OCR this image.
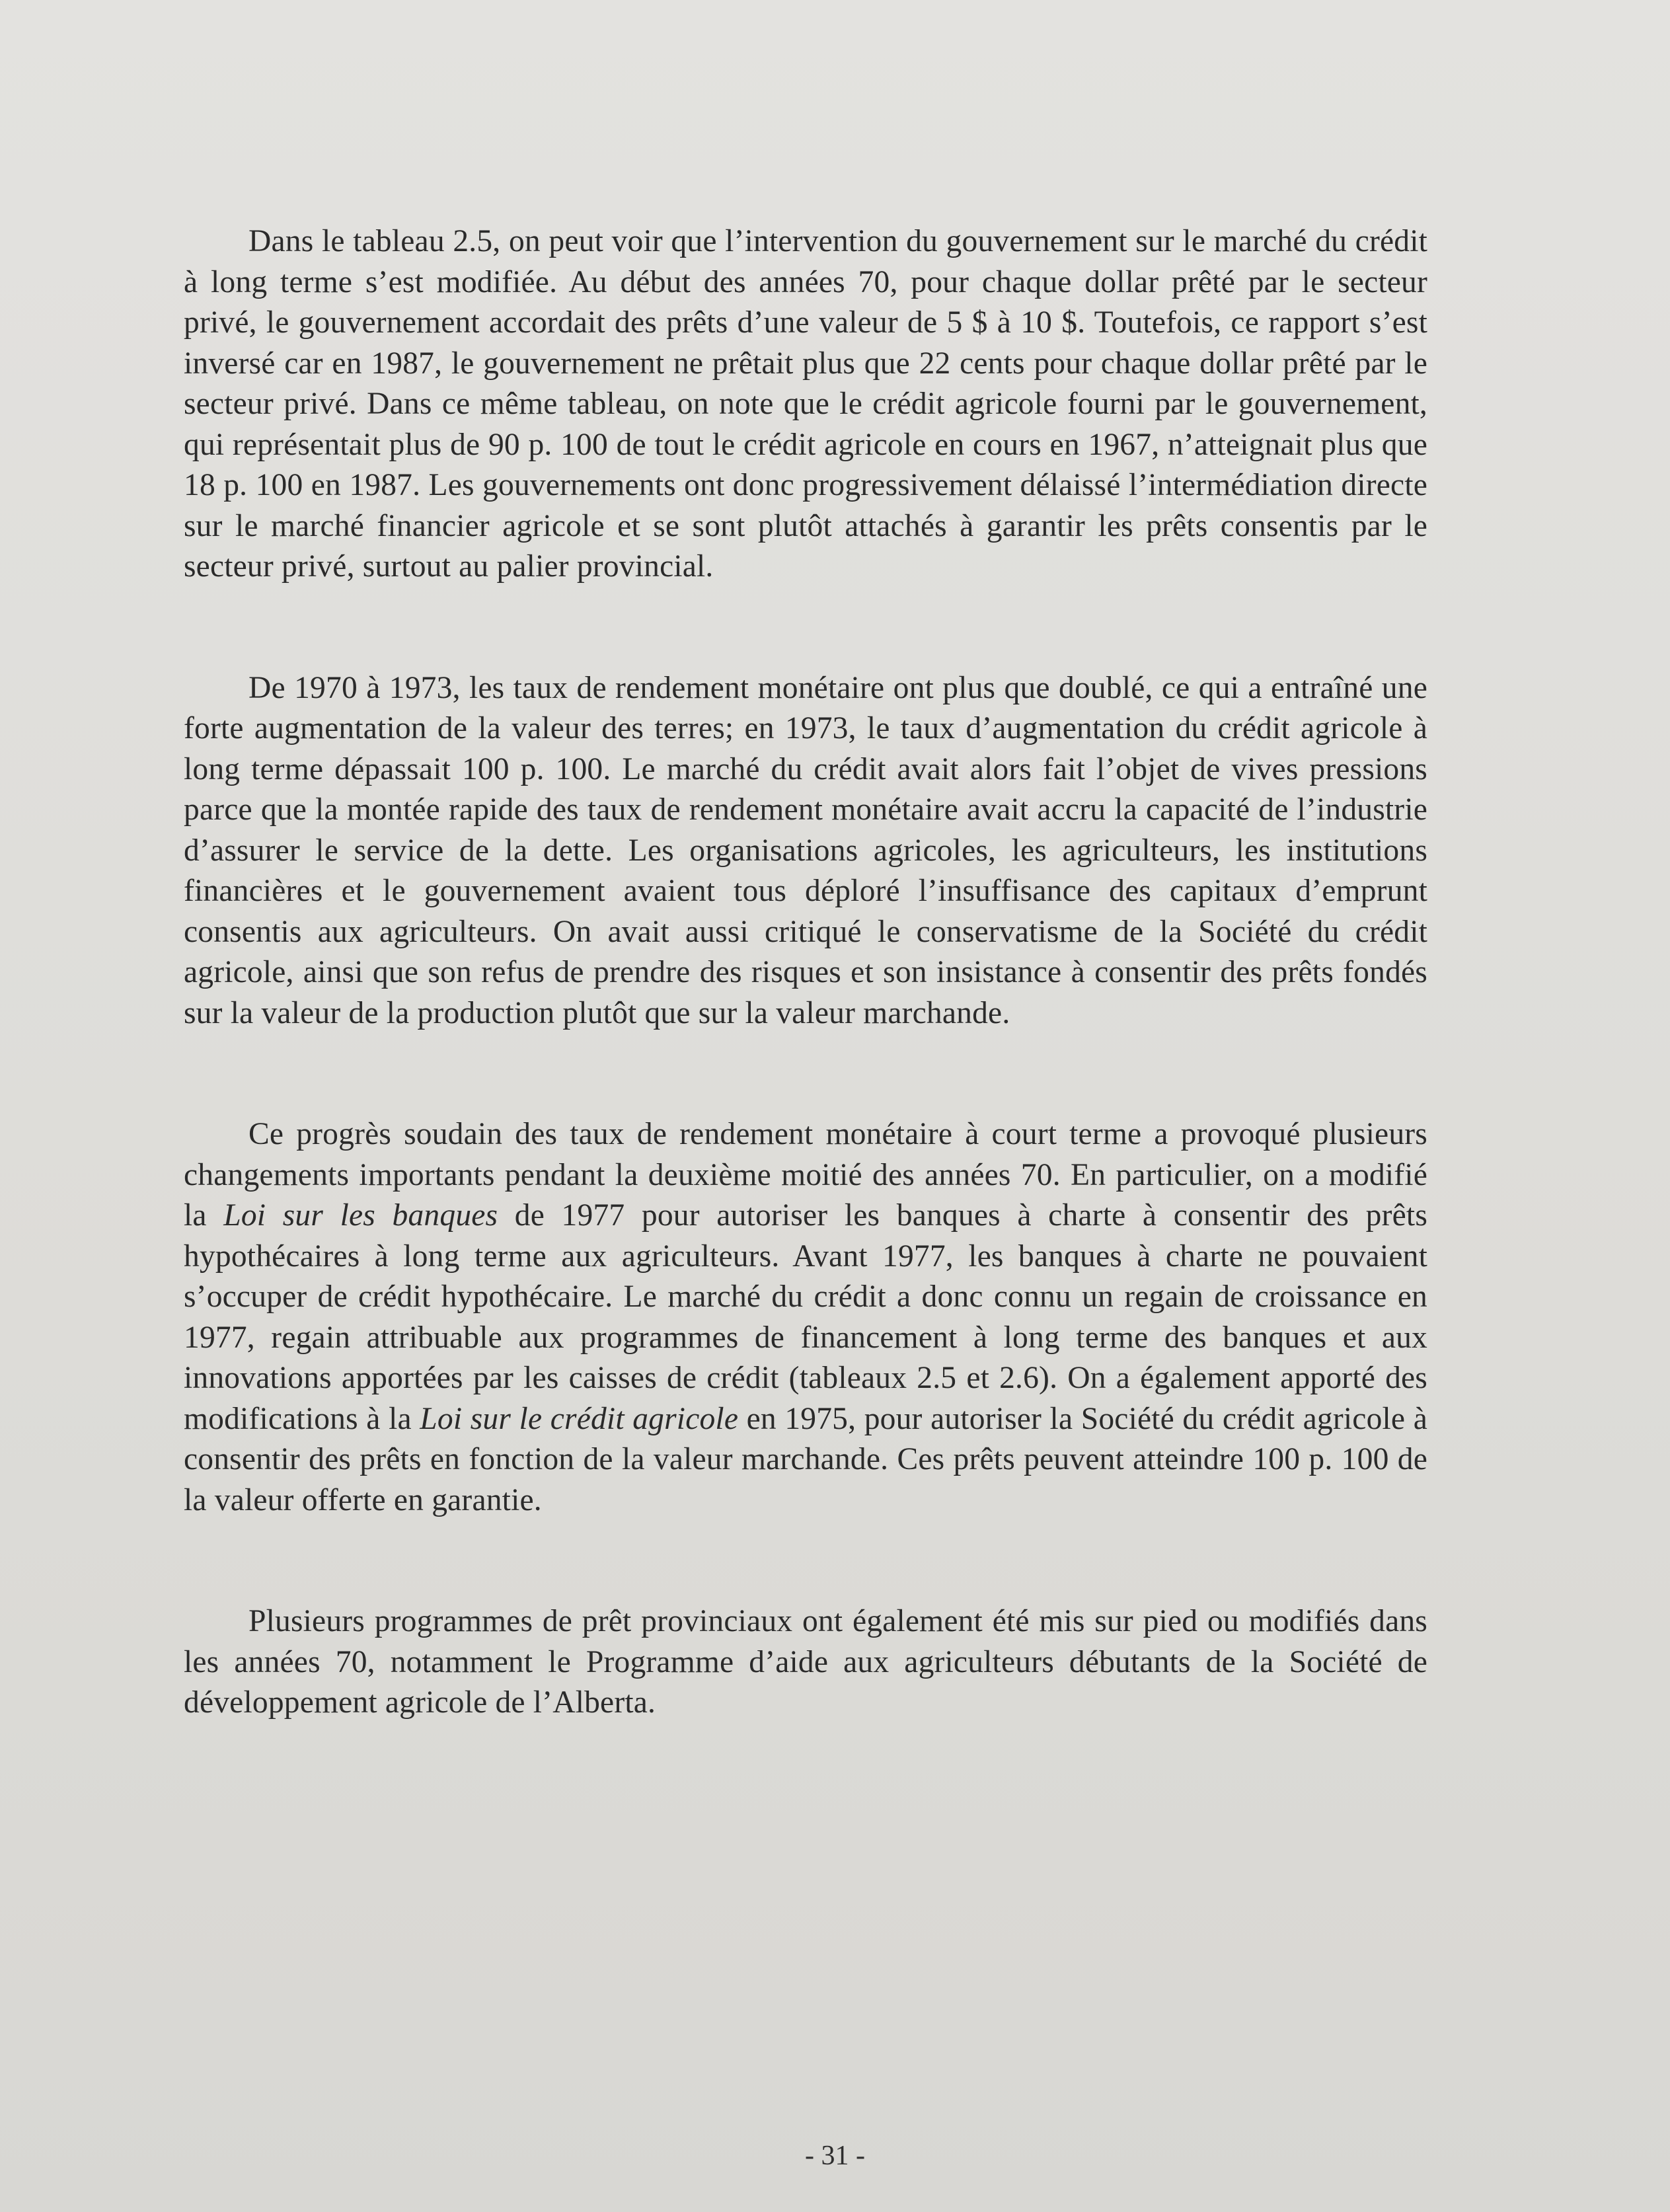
Dans le tableau 2.5, on peut voir que l’intervention du gouvernement sur le marché du crédit à long terme s’est modifiée. Au début des années 70, pour chaque dollar prêté par le secteur privé, le gouvernement accordait des prêts d’une valeur de 5 $ à 10 $. Toutefois, ce rapport s’est inversé car en 1987, le gouvernement ne prêtait plus que 22 cents pour chaque dollar prêté par le secteur privé. Dans ce même tableau, on note que le crédit agricole fourni par le gouvernement, qui représentait plus de 90 p. 100 de tout le crédit agricole en cours en 1967, n’atteignait plus que 18 p. 100 en 1987. Les gouvernements ont donc progressivement délaissé l’intermédiation directe sur le marché financier agricole et se sont plutôt attachés à garantir les prêts consentis par le secteur privé, surtout au palier provincial.

De 1970 à 1973, les taux de rendement monétaire ont plus que doublé, ce qui a entraîné une forte augmentation de la valeur des terres; en 1973, le taux d’augmentation du crédit agricole à long terme dépassait 100 p. 100. Le marché du crédit avait alors fait l’objet de vives pressions parce que la montée rapide des taux de rendement monétaire avait accru la capacité de l’industrie d’assurer le service de la dette. Les organisations agricoles, les agriculteurs, les institutions financières et le gouvernement avaient tous déploré l’insuffisance des capitaux d’emprunt consentis aux agriculteurs. On avait aussi critiqué le conservatisme de la Société du crédit agricole, ainsi que son refus de prendre des risques et son insistance à consentir des prêts fondés sur la valeur de la production plutôt que sur la valeur marchande.

Ce progrès soudain des taux de rendement monétaire à court terme a provoqué plusieurs changements importants pendant la deuxième moitié des années 70. En particulier, on a modifié la Loi sur les banques de 1977 pour autoriser les banques à charte à consentir des prêts hypothécaires à long terme aux agriculteurs. Avant 1977, les banques à charte ne pouvaient s’occuper de crédit hypothécaire. Le marché du crédit a donc connu un regain de croissance en 1977, regain attribuable aux programmes de financement à long terme des banques et aux innovations apportées par les caisses de crédit (tableaux 2.5 et 2.6). On a également apporté des modifications à la Loi sur le crédit agricole en 1975, pour autoriser la Société du crédit agricole à consentir des prêts en fonction de la valeur marchande. Ces prêts peuvent atteindre 100 p. 100 de la valeur offerte en garantie.

Plusieurs programmes de prêt provinciaux ont également été mis sur pied ou modifiés dans les années 70, notamment le Programme d’aide aux agriculteurs débutants de la Société de développement agricole de l’Alberta.

- 31 -
